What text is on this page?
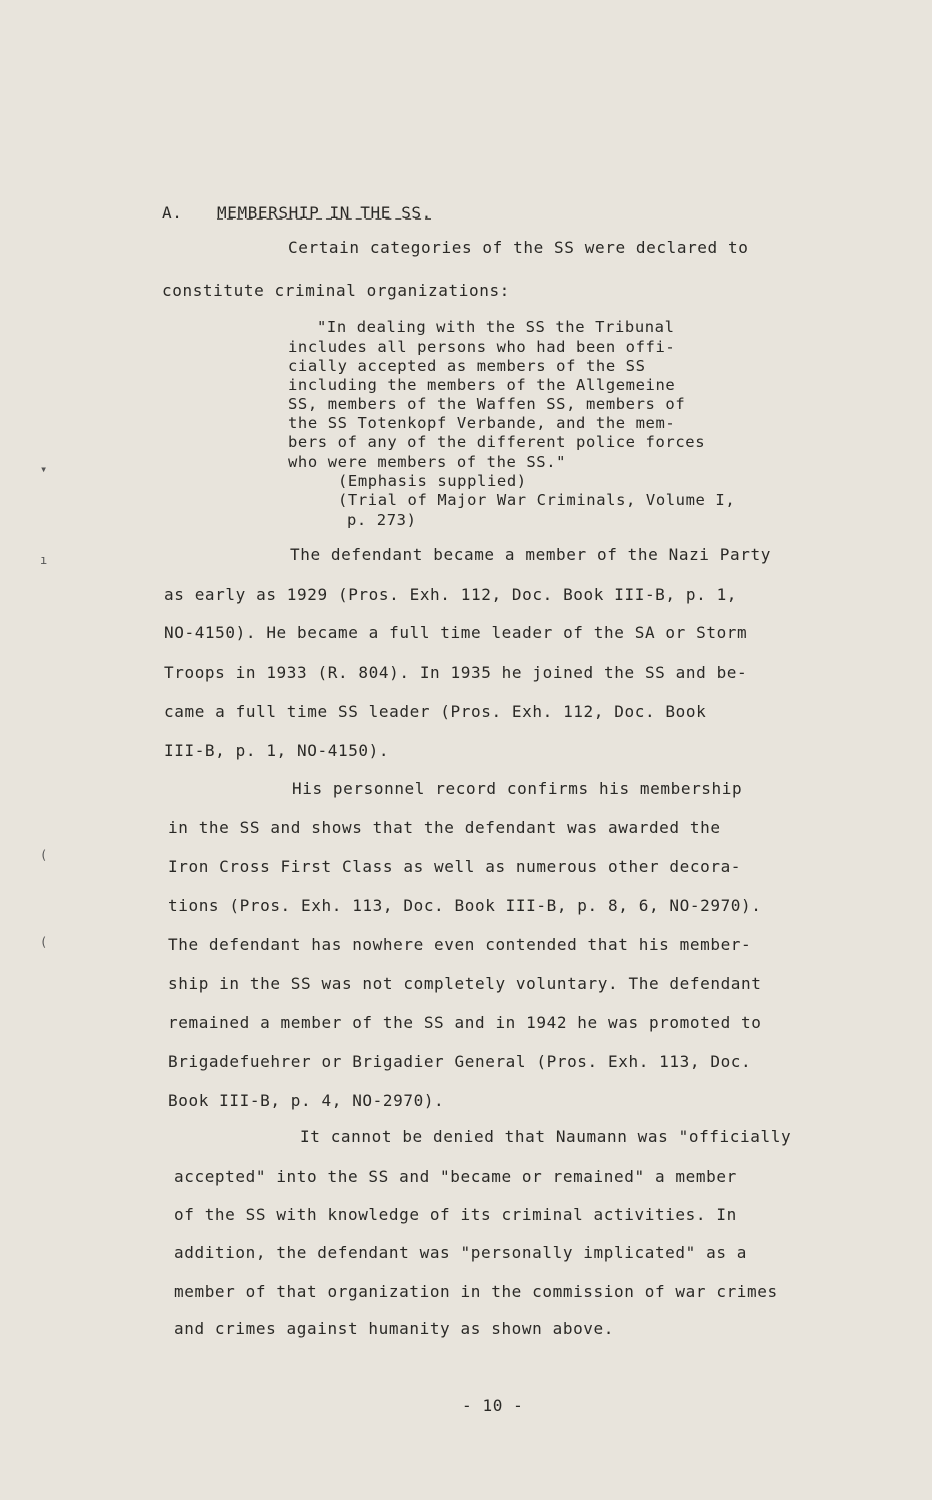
▾
ı
(
(

A. MEMBERSHIP IN THE SS.

Certain categories of the SS were declared to

constitute criminal organizations:

"In dealing with the SS the Tribunal

includes all persons who had been offi-

cially accepted as members of the SS

including the members of the Allgemeine

SS, members of the Waffen SS, members of

the SS Totenkopf Verbande, and the mem-

bers of any of the different police forces

who were members of the SS."

(Emphasis supplied)

(Trial of Major War Criminals, Volume I,

p. 273)

The defendant became a member of the Nazi Party

as early as 1929 (Pros. Exh. 112, Doc. Book III-B, p. 1,

NO-4150). He became a full time leader of the SA or Storm

Troops in 1933 (R. 804). In 1935 he joined the SS and be-

came a full time SS leader (Pros. Exh. 112, Doc. Book

III-B, p. 1, NO-4150).

His personnel record confirms his membership

in the SS and shows that the defendant was awarded the

Iron Cross First Class as well as numerous other decora-

tions (Pros. Exh. 113, Doc. Book III-B, p. 8, 6, NO-2970).

The defendant has nowhere even contended that his member-

ship in the SS was not completely voluntary. The defendant

remained a member of the SS and in 1942 he was promoted to

Brigadefuehrer or Brigadier General (Pros. Exh. 113, Doc.

Book III-B, p. 4, NO-2970).

It cannot be denied that Naumann was "officially

accepted" into the SS and "became or remained" a member

of the SS with knowledge of its criminal activities. In

addition, the defendant was "personally implicated" as a

member of that organization in the commission of war crimes

and crimes against humanity as shown above.

- 10 -
